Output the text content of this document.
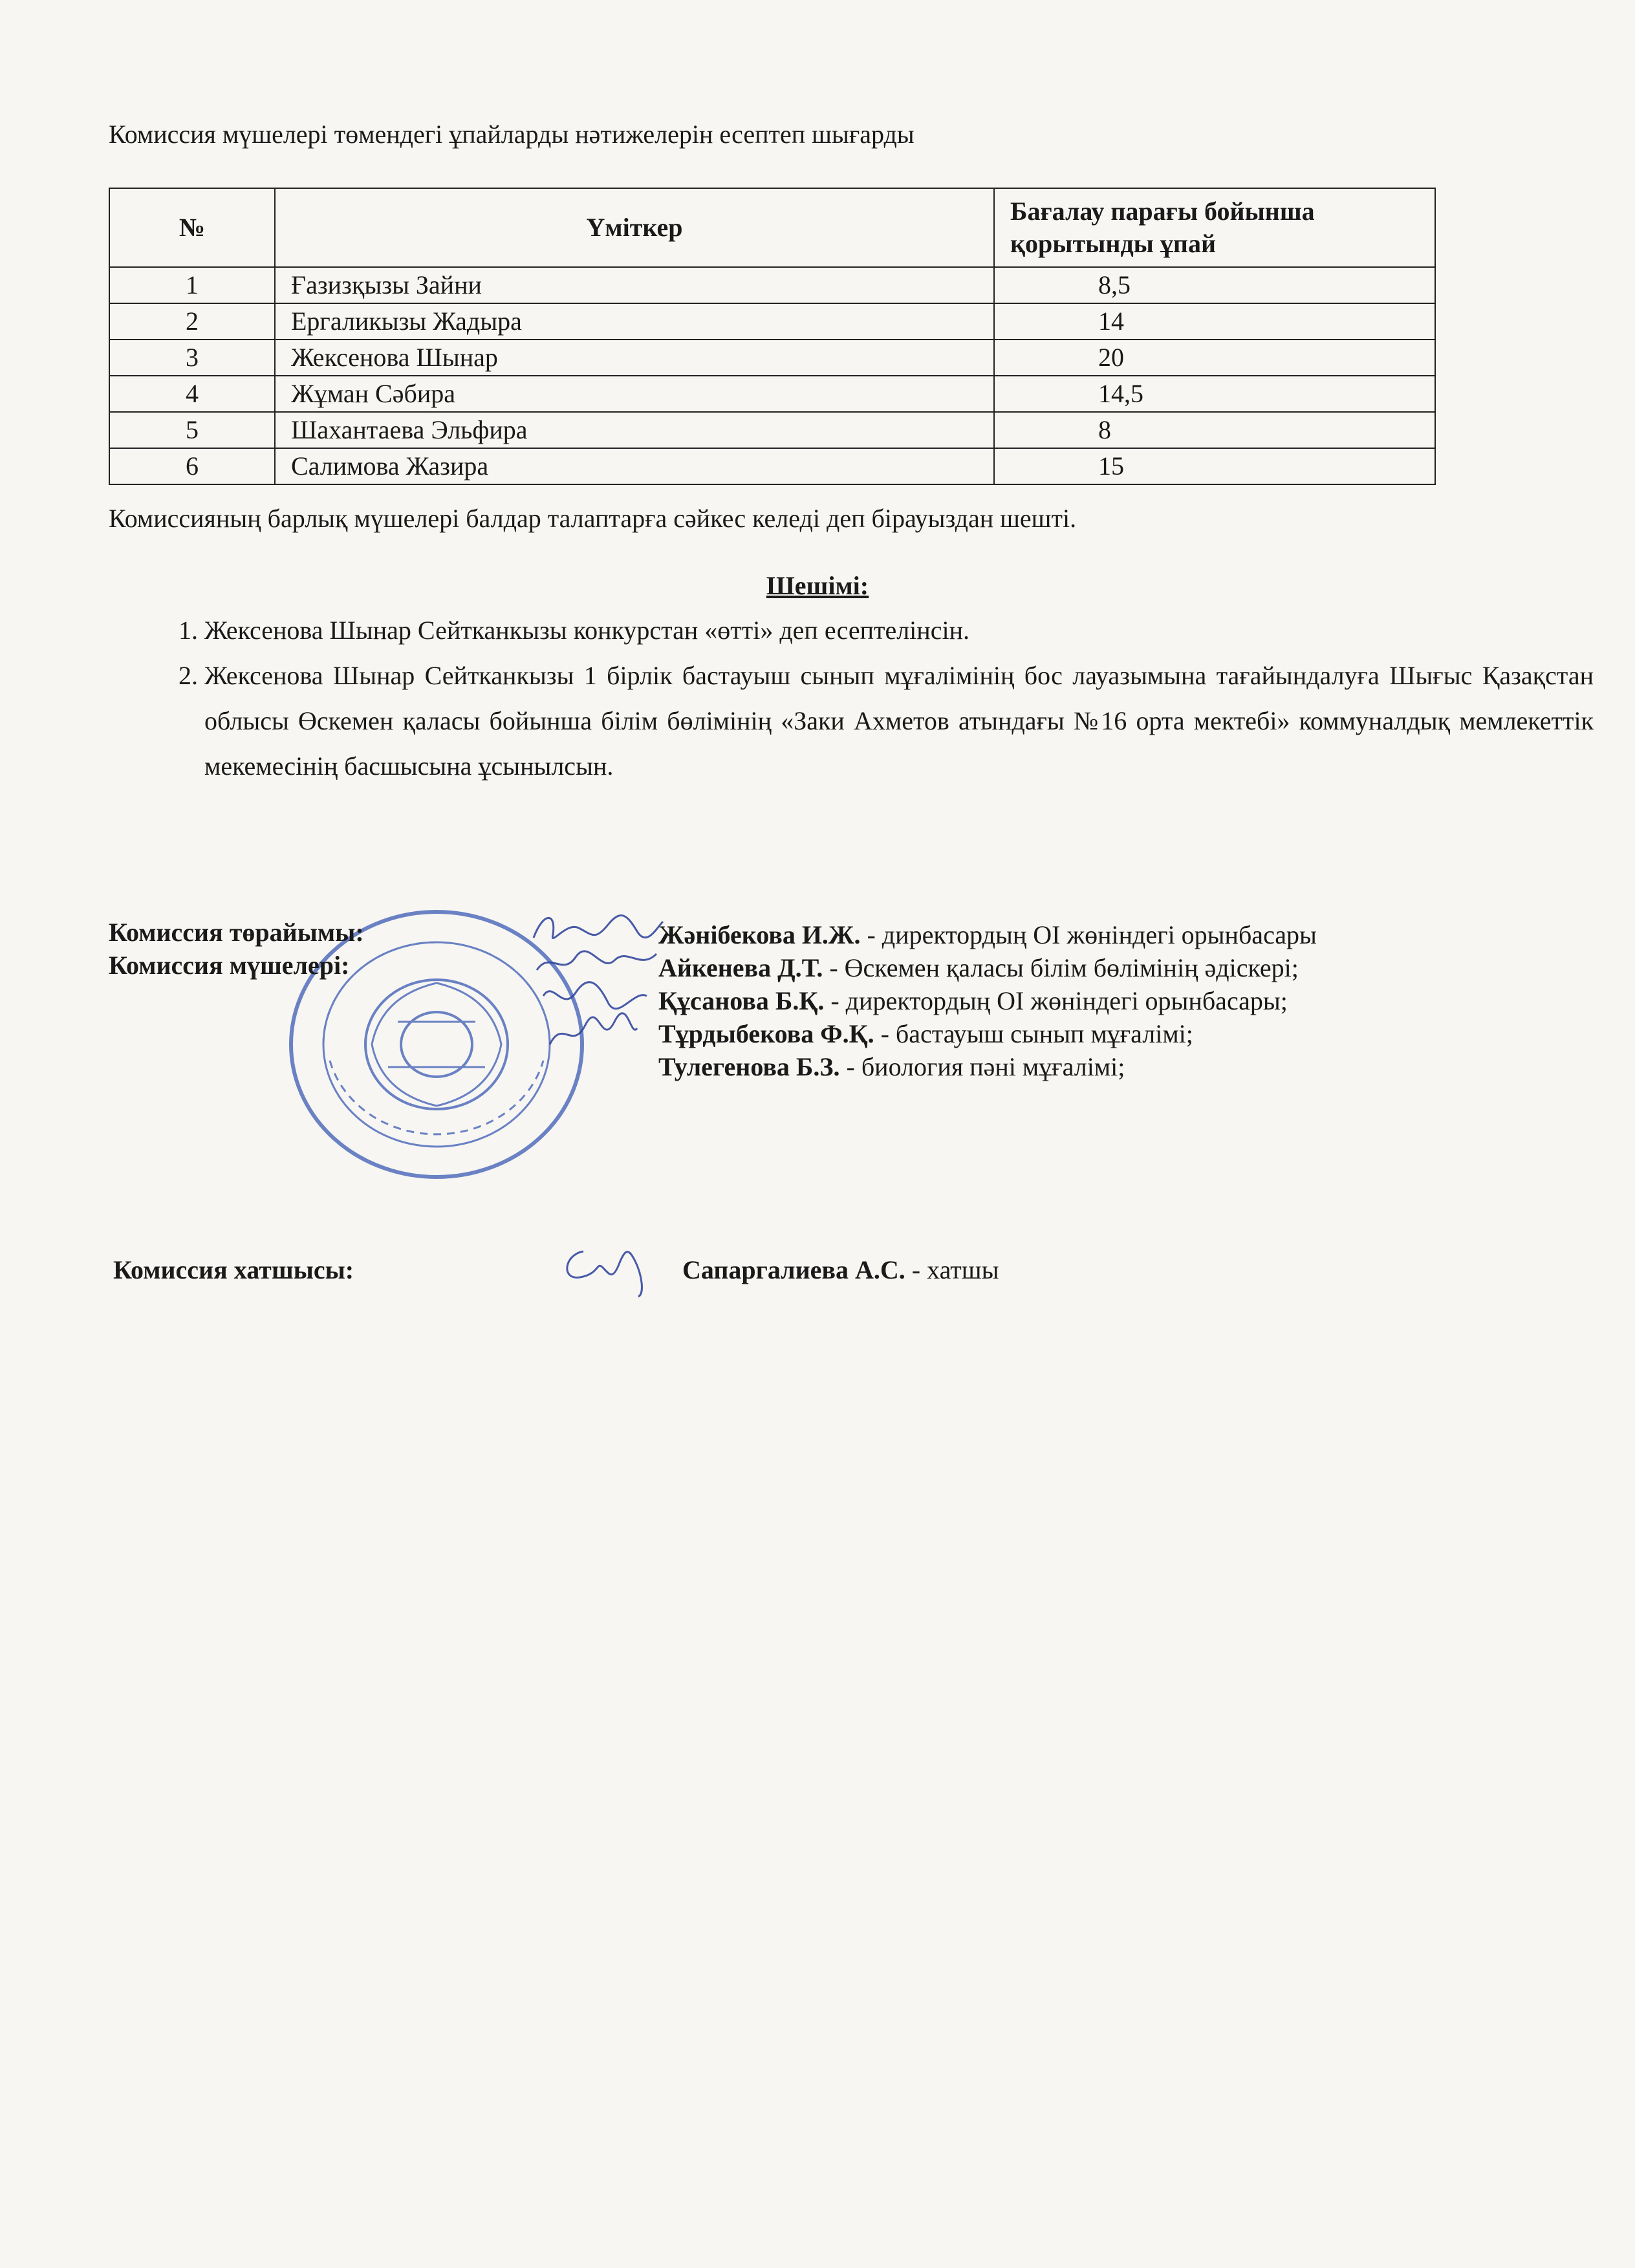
Комиссия мүшелері төмендегі ұпайларды нәтижелерін есептеп шығарды

№	Үміткер	Бағалау парағы бойынша қорытынды ұпай
1	Ғазизқызы Зайни	8,5
2	Ергаликызы Жадыра	14
3	Жексенова Шынар	20
4	Жұман Сәбира	14,5
5	Шахантаева Эльфира	8
6	Салимова Жазира	15

Комиссияның барлық мүшелері балдар талаптарға сәйкес келеді деп бірауыздан шешті.

Шешімі:

1. Жексенова Шынар Сейтканкызы конкурстан «өтті» деп есептелінсін.
2. Жексенова Шынар Сейтканкызы 1 бірлік бастауыш сынып мұғалімінің бос лауазымына тағайындалуға Шығыс Қазақстан облысы Өскемен қаласы бойынша білім бөлімінің «Заки Ахметов атындағы №16 орта мектебі» коммуналдық мемлекеттік мекемесінің басшысына ұсынылсын.
Комиссия төрайымы:
Комиссия мүшелері:
Жәнібекова И.Ж. - директордың ОІ жөніндегі орынбасары
Айкенева Д.Т. - Өскемен қаласы білім бөлімінің әдіскері;
Құсанова Б.Қ. - директордың ОІ жөніндегі орынбасары;
Тұрдыбекова Ф.Қ. - бастауыш сынып мұғалімі;
Тулегенова Б.З. - биология пәні мұғалімі;
Комиссия хатшысы:	Сапаргалиева А.С. - хатшы
